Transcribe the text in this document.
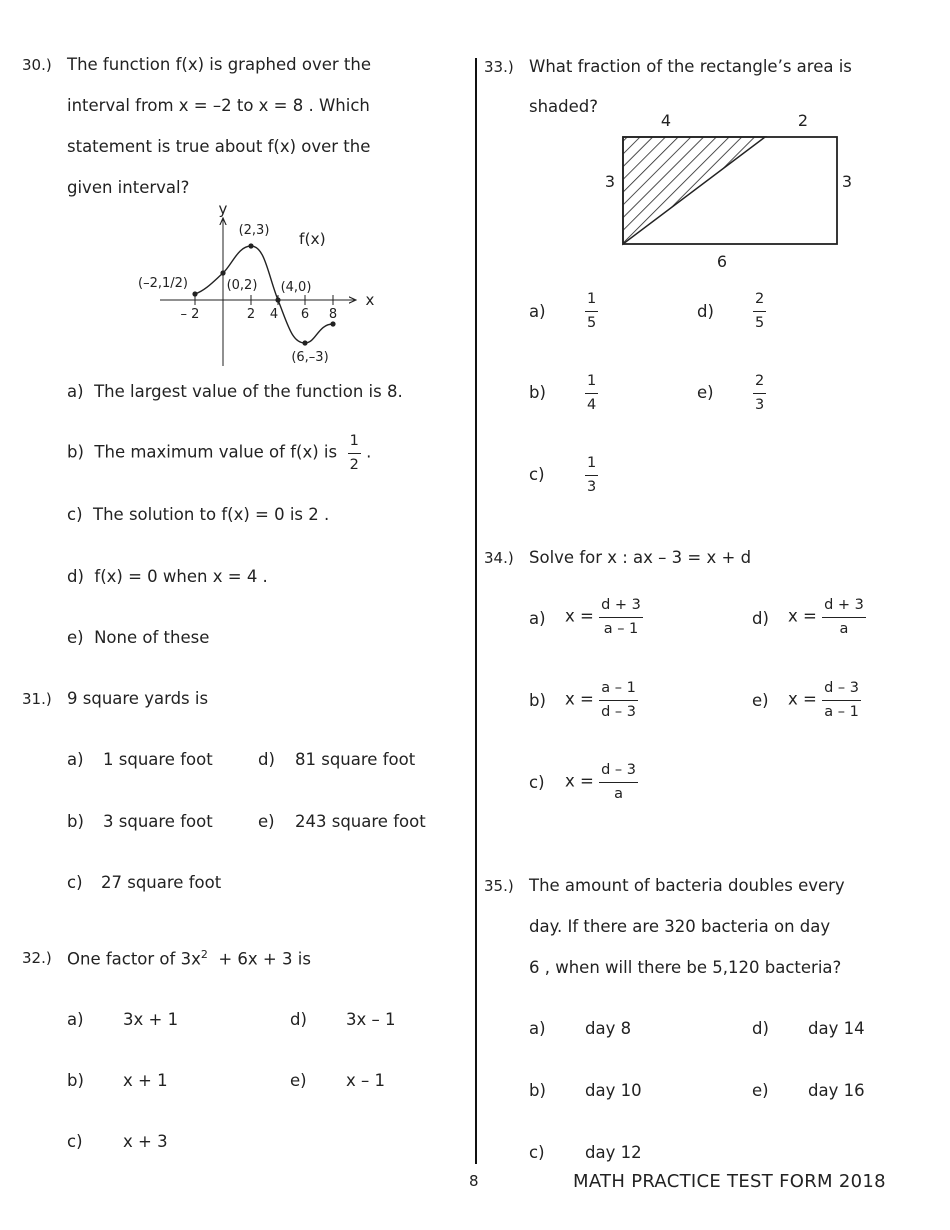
30.) The function f(x) is graphed over the
interval from x = –2 to x = 8 . Which
statement is true about f(x) over the
given interval?
y
x
f(x)
– 2	2 4 6 8
(–2,1/2)	(0,2)
(2,3)
(4,0)
(6,–3)
a) The largest value of the function is 8.
b) The maximum value of f(x) is $\frac{1}{2}$ .
c) The solution to f(x) = 0 is 2 .
d) f(x) = 0 when x = 4 .
e) None of these
31.) 9 square yards is
a) 1 square foot
b) 3 square foot
c) 27 square foot
d) 81 square foot
e) 243 square foot
32.) One factor of $3x^2 + 6x + 3$ is
a) 3x + 1
b) x + 1
c) x + 3
d) 3x – 1
e) x – 1
33.) What fraction of the rectangle’s area is
shaded?
4	2
3	3
6
a)	$\frac{1}{5}$
b)	$\frac{1}{4}$
c)	$\frac{1}{3}$
d)	$\frac{2}{5}$
e)	$\frac{2}{3}$
34.) Solve for x : ax – 3 = x + d
a) $x = \frac{d + 3}{a - 1}$
b) $x = \frac{a - 1}{d - 3}$
c) $x = \frac{d - 3}{a}$
d) $x = \frac{d + 3}{a}$
e) $x = \frac{d - 3}{a - 1}$
35.) The amount of bacteria doubles every
day. If there are 320 bacteria on day
6 , when will there be 5,120 bacteria?
a) day 8
b) day 10
c) day 12
d) day 14
e) day 16
8	MATH PRACTICE TEST FORM 2018
